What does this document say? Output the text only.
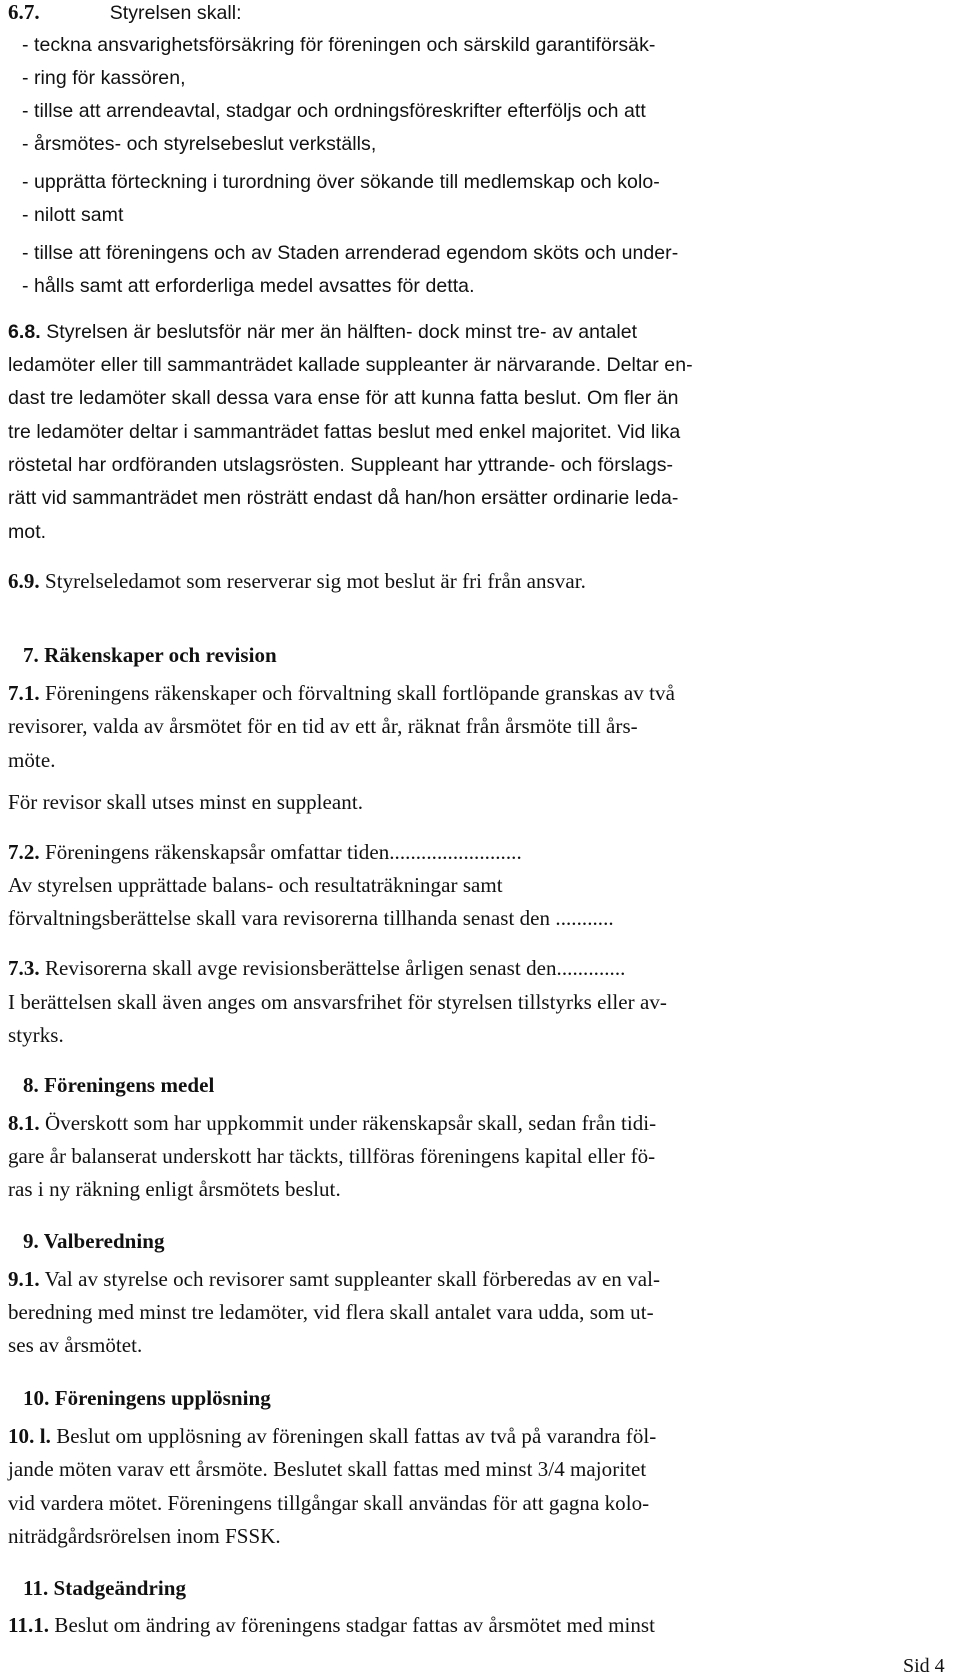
6.7.	Styrelsen skall:
- teckna ansvarighetsförsäkring för föreningen och särskild garantiförsäk-
- ring för kassören,
- tillse att arrendeavtal, stadgar och ordningsföreskrifter efterföljs och att
- årsmötes- och styrelsebeslut verkställs,
- upprätta förteckning i turordning över sökande till medlemskap och kolo-
- nilott samt
- tillse att föreningens och av Staden arrenderad egendom sköts och under-
- hålls samt att erforderliga medel avsattes för detta.
6.8. Styrelsen är beslutsför när mer än hälften- dock minst tre- av antalet
ledamöter eller till sammanträdet kallade suppleanter är närvarande. Deltar en-
dast tre ledamöter skall dessa vara ense för att kunna fatta beslut. Om fler än
tre ledamöter deltar i sammanträdet fattas beslut med enkel majoritet. Vid lika
röstetal har ordföranden utslagsrösten. Suppleant har yttrande- och förslags-
rätt vid sammanträdet men rösträtt endast då han/hon ersätter ordinarie leda-
mot.
6.9. Styrelseledamot som reserverar sig mot beslut är fri från ansvar.
7. Räkenskaper och revision
7.1. Föreningens räkenskaper och förvaltning skall fortlöpande granskas av två
revisorer, valda av årsmötet för en tid av ett år, räknat från årsmöte till års-
möte.
För revisor skall utses minst en suppleant.
7.2. Föreningens räkenskapsår omfattar tiden.........................
Av styrelsen upprättade balans- och resultaträkningar samt
förvaltningsberättelse skall vara revisorerna tillhanda senast den ...........
7.3. Revisorerna skall avge revisionsberättelse årligen senast den.............
I berättelsen skall även anges om ansvarsfrihet för styrelsen tillstyrks eller av-
styrks.
8. Föreningens medel
8.1. Överskott som har uppkommit under räkenskapsår skall, sedan från tidi-
gare år balanserat underskott har täckts, tillföras föreningens kapital eller fö-
ras i ny räkning enligt årsmötets beslut.
9. Valberedning
9.1. Val av styrelse och revisorer samt suppleanter skall förberedas av en val-
beredning med minst tre ledamöter, vid flera skall antalet vara udda, som ut-
ses av årsmötet.
10. Föreningens upplösning
10. l. Beslut om upplösning av föreningen skall fattas av två på varandra föl-
jande möten varav ett årsmöte. Beslutet skall fattas med minst 3/4 majoritet
vid vardera mötet. Föreningens tillgångar skall användas för att gagna kolo-
niträdgårdsrörelsen inom FSSK.
11. Stadgeändring
11.1. Beslut om ändring av föreningens stadgar fattas av årsmötet med minst
Sid 4
